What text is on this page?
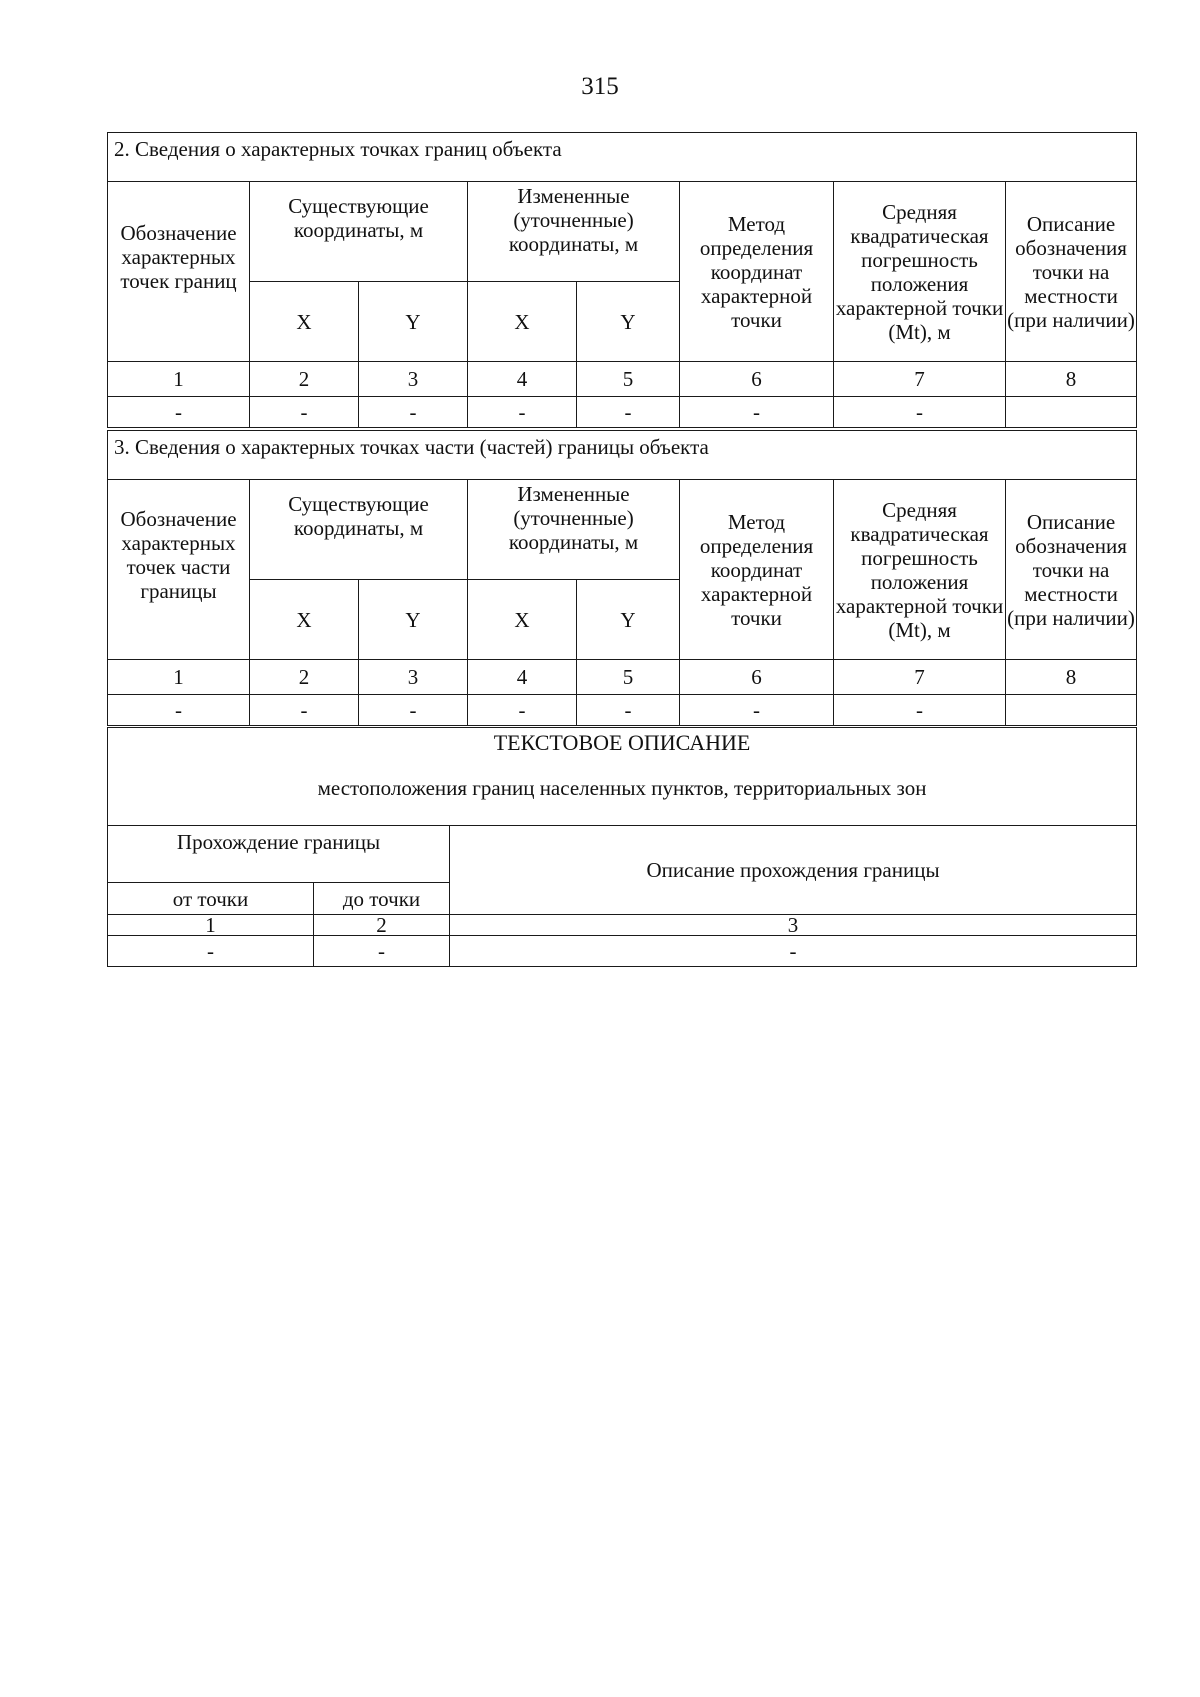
315
2. Сведения о характерных точках границ объекта							
Обозначение характерных точек границ	Существующие координаты, м		Измененные (уточненные) координаты, м		Метод определения координат характерной точки	Средняя квадратическая погрешность положения характерной точки (Mt), м	Описание обозначения точки на местности (при наличии)
	X	Y	X	Y			
1	2	3	4	5	6	7	8
-	-	-	-	-	-	-	
3. Сведения о характерных точках части (частей) границы объекта							
Обозначение характерных точек части границы	Существующие координаты, м		Измененные (уточненные) координаты, м		Метод определения координат характерной точки	Средняя квадратическая погрешность положения характерной точки (Mt), м	Описание обозначения точки на местности (при наличии)
	X	Y	X	Y			
1	2	3	4	5	6	7	8
-	-	-	-	-	-	-	
ТЕКСТОВОЕ ОПИСАНИЕ
местоположения границ населенных пунктов, территориальных зон		

Прохождение границы		Описание прохождения границы
от точки	до точки	
1	2	3
-	-	-
